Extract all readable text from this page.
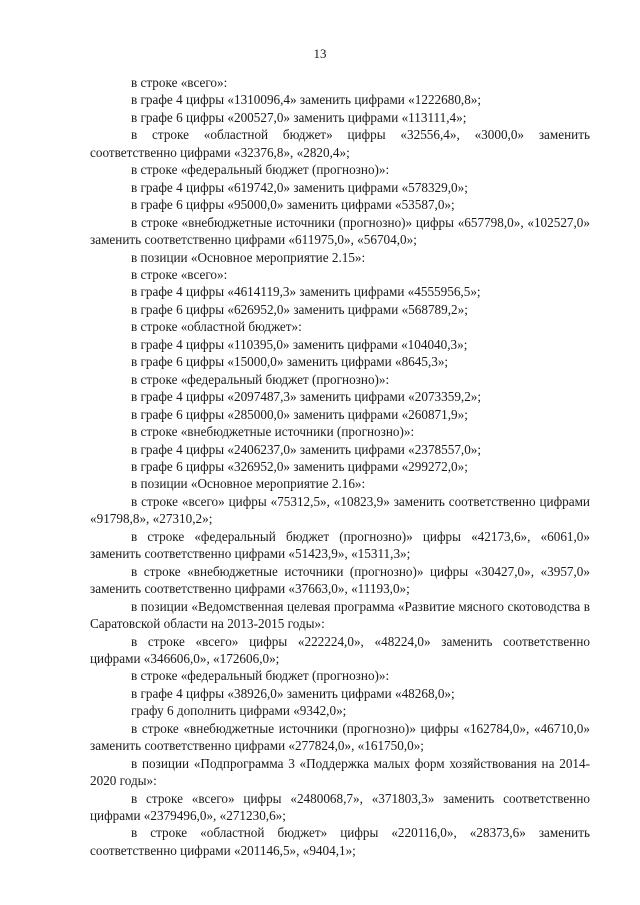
13

в строке «всего»:

в графе 4 цифры «1310096,4» заменить цифрами «1222680,8»;

в графе 6 цифры «200527,0» заменить цифрами «113111,4»;

в строке «областной бюджет» цифры «32556,4», «3000,0» заменить соответственно цифрами «32376,8», «2820,4»;

в строке «федеральный бюджет (прогнозно)»:

в графе 4 цифры «619742,0» заменить цифрами «578329,0»;

в графе 6 цифры «95000,0» заменить цифрами «53587,0»;

в строке «внебюджетные источники (прогнозно)» цифры «657798,0», «102527,0» заменить соответственно цифрами «611975,0», «56704,0»;

в позиции «Основное мероприятие 2.15»:

в строке «всего»:

в графе 4 цифры «4614119,3» заменить цифрами «4555956,5»;

в графе 6 цифры «626952,0» заменить цифрами «568789,2»;

в строке «областной бюджет»:

в графе 4 цифры «110395,0» заменить цифрами «104040,3»;

в графе 6 цифры «15000,0» заменить цифрами «8645,3»;

в строке «федеральный бюджет (прогнозно)»:

в графе 4 цифры «2097487,3» заменить цифрами «2073359,2»;

в графе 6 цифры «285000,0» заменить цифрами «260871,9»;

в строке «внебюджетные источники (прогнозно)»:

в графе 4 цифры «2406237,0» заменить цифрами «2378557,0»;

в графе 6 цифры «326952,0» заменить цифрами «299272,0»;

в позиции «Основное мероприятие 2.16»:

в строке «всего» цифры «75312,5», «10823,9» заменить соответственно цифрами «91798,8», «27310,2»;

в строке «федеральный бюджет (прогнозно)» цифры «42173,6», «6061,0» заменить соответственно цифрами «51423,9», «15311,3»;

в строке «внебюджетные источники (прогнозно)» цифры «30427,0», «3957,0» заменить соответственно цифрами «37663,0», «11193,0»;

в позиции «Ведомственная целевая программа «Развитие мясного скотоводства в Саратовской области на 2013-2015 годы»:

в строке «всего» цифры «222224,0», «48224,0» заменить соответственно цифрами «346606,0», «172606,0»;

в строке «федеральный бюджет (прогнозно)»:

в графе 4 цифры «38926,0» заменить цифрами «48268,0»;

графу 6 дополнить цифрами «9342,0»;

в строке «внебюджетные источники (прогнозно)» цифры «162784,0», «46710,0» заменить соответственно цифрами «277824,0», «161750,0»;

в позиции «Подпрограмма 3 «Поддержка малых форм хозяйствования на 2014-2020 годы»:

в строке «всего» цифры «2480068,7», «371803,3» заменить соответственно цифрами «2379496,0», «271230,6»;

в строке «областной бюджет» цифры «220116,0», «28373,6» заменить соответственно цифрами «201146,5», «9404,1»;
